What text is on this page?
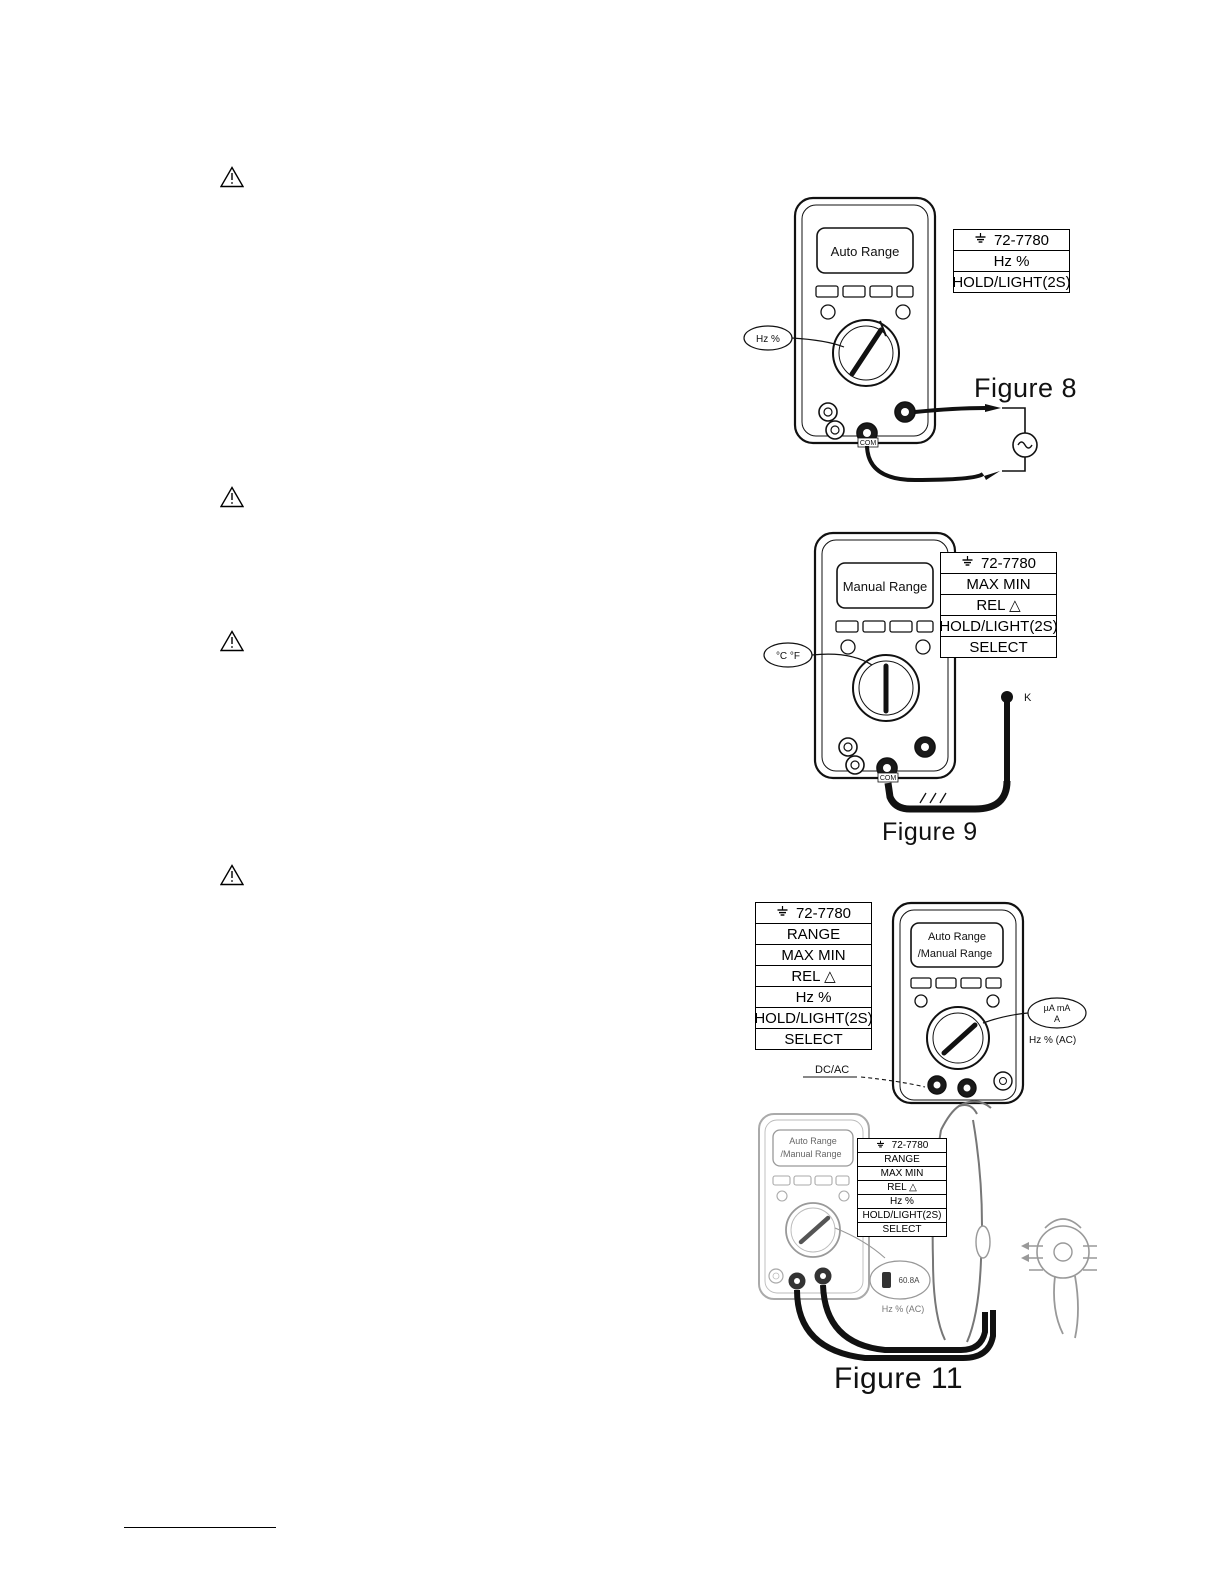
Auto Range
COM
Hz %
72-7780
Hz %
HOLD/LIGHT(2S)
Figure 8
Manual Range
COM
°C °F
K
72-7780
MAX MIN
REL △
HOLD/LIGHT(2S)
SELECT
Figure 9
Auto Range
/Manual Range
µA mA
A
Hz % (AC)
DC/AC
72-7780
RANGE
MAX MIN
REL △
Hz %
HOLD/LIGHT(2S)
SELECT
Auto Range
/Manual Range
60.8A
Hz % (AC)
72-7780
RANGE
MAX MIN
REL △
Hz %
HOLD/LIGHT(2S)
SELECT
Figure 11
